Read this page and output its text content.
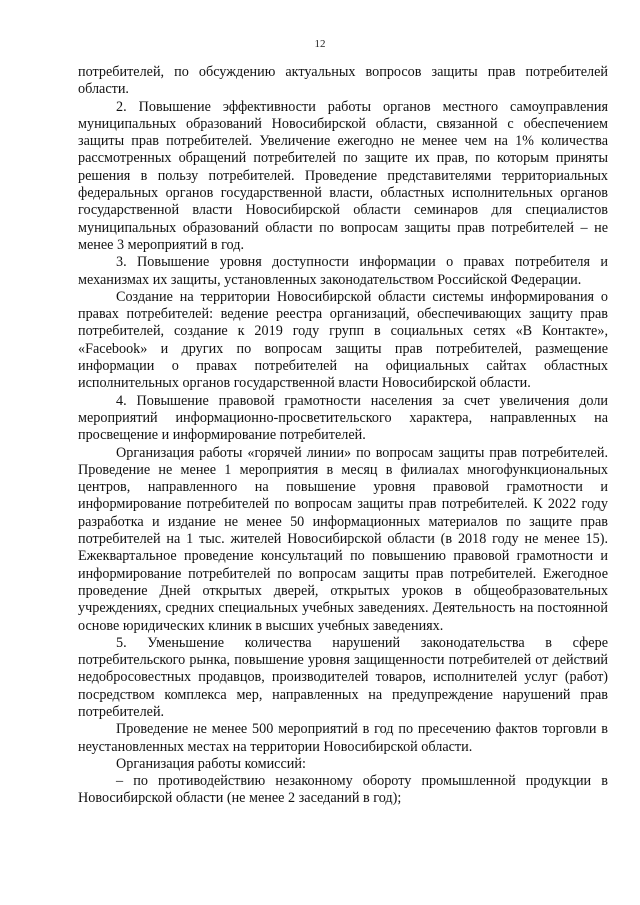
12

потребителей, по обсуждению актуальных вопросов защиты прав потребителей области.

2. Повышение эффективности работы органов местного самоуправления муниципальных образований Новосибирской области, связанной с обеспечением защиты прав потребителей. Увеличение ежегодно не менее чем на 1% количества рассмотренных обращений потребителей по защите их прав, по которым приняты решения в пользу потребителей. Проведение представителями территориальных федеральных органов государственной власти, областных исполнительных органов государственной власти Новосибирской области семинаров для специалистов муниципальных образований области по вопросам защиты прав потребителей – не менее 3 мероприятий в год.

3. Повышение уровня доступности информации о правах потребителя и механизмах их защиты, установленных законодательством Российской Федерации.

Создание на территории Новосибирской области системы информирования о правах потребителей: ведение реестра организаций, обеспечивающих защиту прав потребителей, создание к 2019 году групп в социальных сетях «В Контакте», «Facebook» и других по вопросам защиты прав потребителей, размещение информации о правах потребителей на официальных сайтах областных исполнительных органов государственной власти Новосибирской области.

4. Повышение правовой грамотности населения за счет увеличения доли мероприятий информационно-просветительского характера, направленных на просвещение и информирование потребителей.

Организация работы «горячей линии» по вопросам защиты прав потребителей. Проведение не менее 1 мероприятия в месяц в филиалах многофункциональных центров, направленного на повышение уровня правовой грамотности и информирование потребителей по вопросам защиты прав потребителей. К 2022 году разработка и издание не менее 50 информационных материалов по защите прав потребителей на 1 тыс. жителей Новосибирской области (в 2018 году не менее 15). Ежеквартальное проведение консультаций по повышению правовой грамотности и информирование потребителей по вопросам защиты прав потребителей. Ежегодное проведение Дней открытых дверей, открытых уроков в общеобразовательных учреждениях, средних специальных учебных заведениях. Деятельность на постоянной основе юридических клиник в высших учебных заведениях.

5. Уменьшение количества нарушений законодательства в сфере потребительского рынка, повышение уровня защищенности потребителей от действий недобросовестных продавцов, производителей товаров, исполнителей услуг (работ) посредством комплекса мер, направленных на предупреждение нарушений прав потребителей.

Проведение не менее 500 мероприятий в год по пресечению фактов торговли в неустановленных местах на территории Новосибирской области.

Организация работы комиссий:

– по противодействию незаконному обороту промышленной продукции в Новосибирской области (не менее 2 заседаний в год);
